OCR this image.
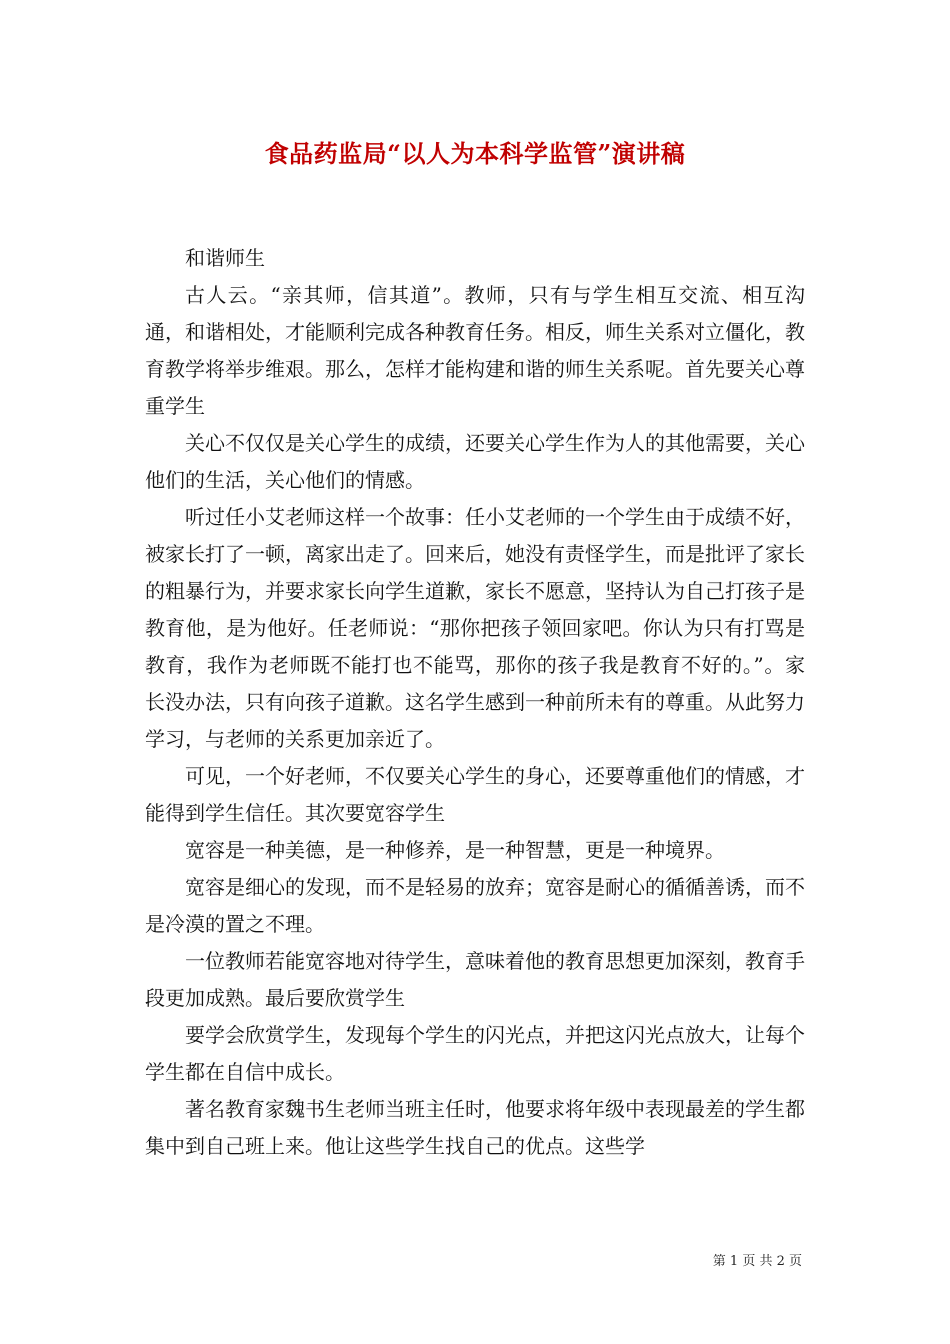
食品药监局“以人为本科学监管”演讲稿

和谐师生

古人云。“亲其师，信其道”。教师，只有与学生相互交流、相互沟通，和谐相处，才能顺利完成各种教育任务。相反，师生关系对立僵化，教育教学将举步维艰。那么，怎样才能构建和谐的师生关系呢。首先要关心尊重学生

关心不仅仅是关心学生的成绩，还要关心学生作为人的其他需要，关心他们的生活，关心他们的情感。

听过任小艾老师这样一个故事：任小艾老师的一个学生由于成绩不好，被家长打了一顿，离家出走了。回来后，她没有责怪学生，而是批评了家长的粗暴行为，并要求家长向学生道歉，家长不愿意，坚持认为自己打孩子是教育他，是为他好。任老师说：“那你把孩子领回家吧。你认为只有打骂是教育，我作为老师既不能打也不能骂，那你的孩子我是教育不好的。”。家长没办法，只有向孩子道歉。这名学生感到一种前所未有的尊重。从此努力学习，与老师的关系更加亲近了。

可见，一个好老师，不仅要关心学生的身心，还要尊重他们的情感，才能得到学生信任。其次要宽容学生

宽容是一种美德，是一种修养，是一种智慧，更是一种境界。

宽容是细心的发现，而不是轻易的放弃；宽容是耐心的循循善诱，而不是冷漠的置之不理。

一位教师若能宽容地对待学生，意味着他的教育思想更加深刻，教育手段更加成熟。最后要欣赏学生

要学会欣赏学生，发现每个学生的闪光点，并把这闪光点放大，让每个学生都在自信中成长。

著名教育家魏书生老师当班主任时，他要求将年级中表现最差的学生都集中到自己班上来。他让这些学生找自己的优点。这些学

第 1 页 共 2 页
